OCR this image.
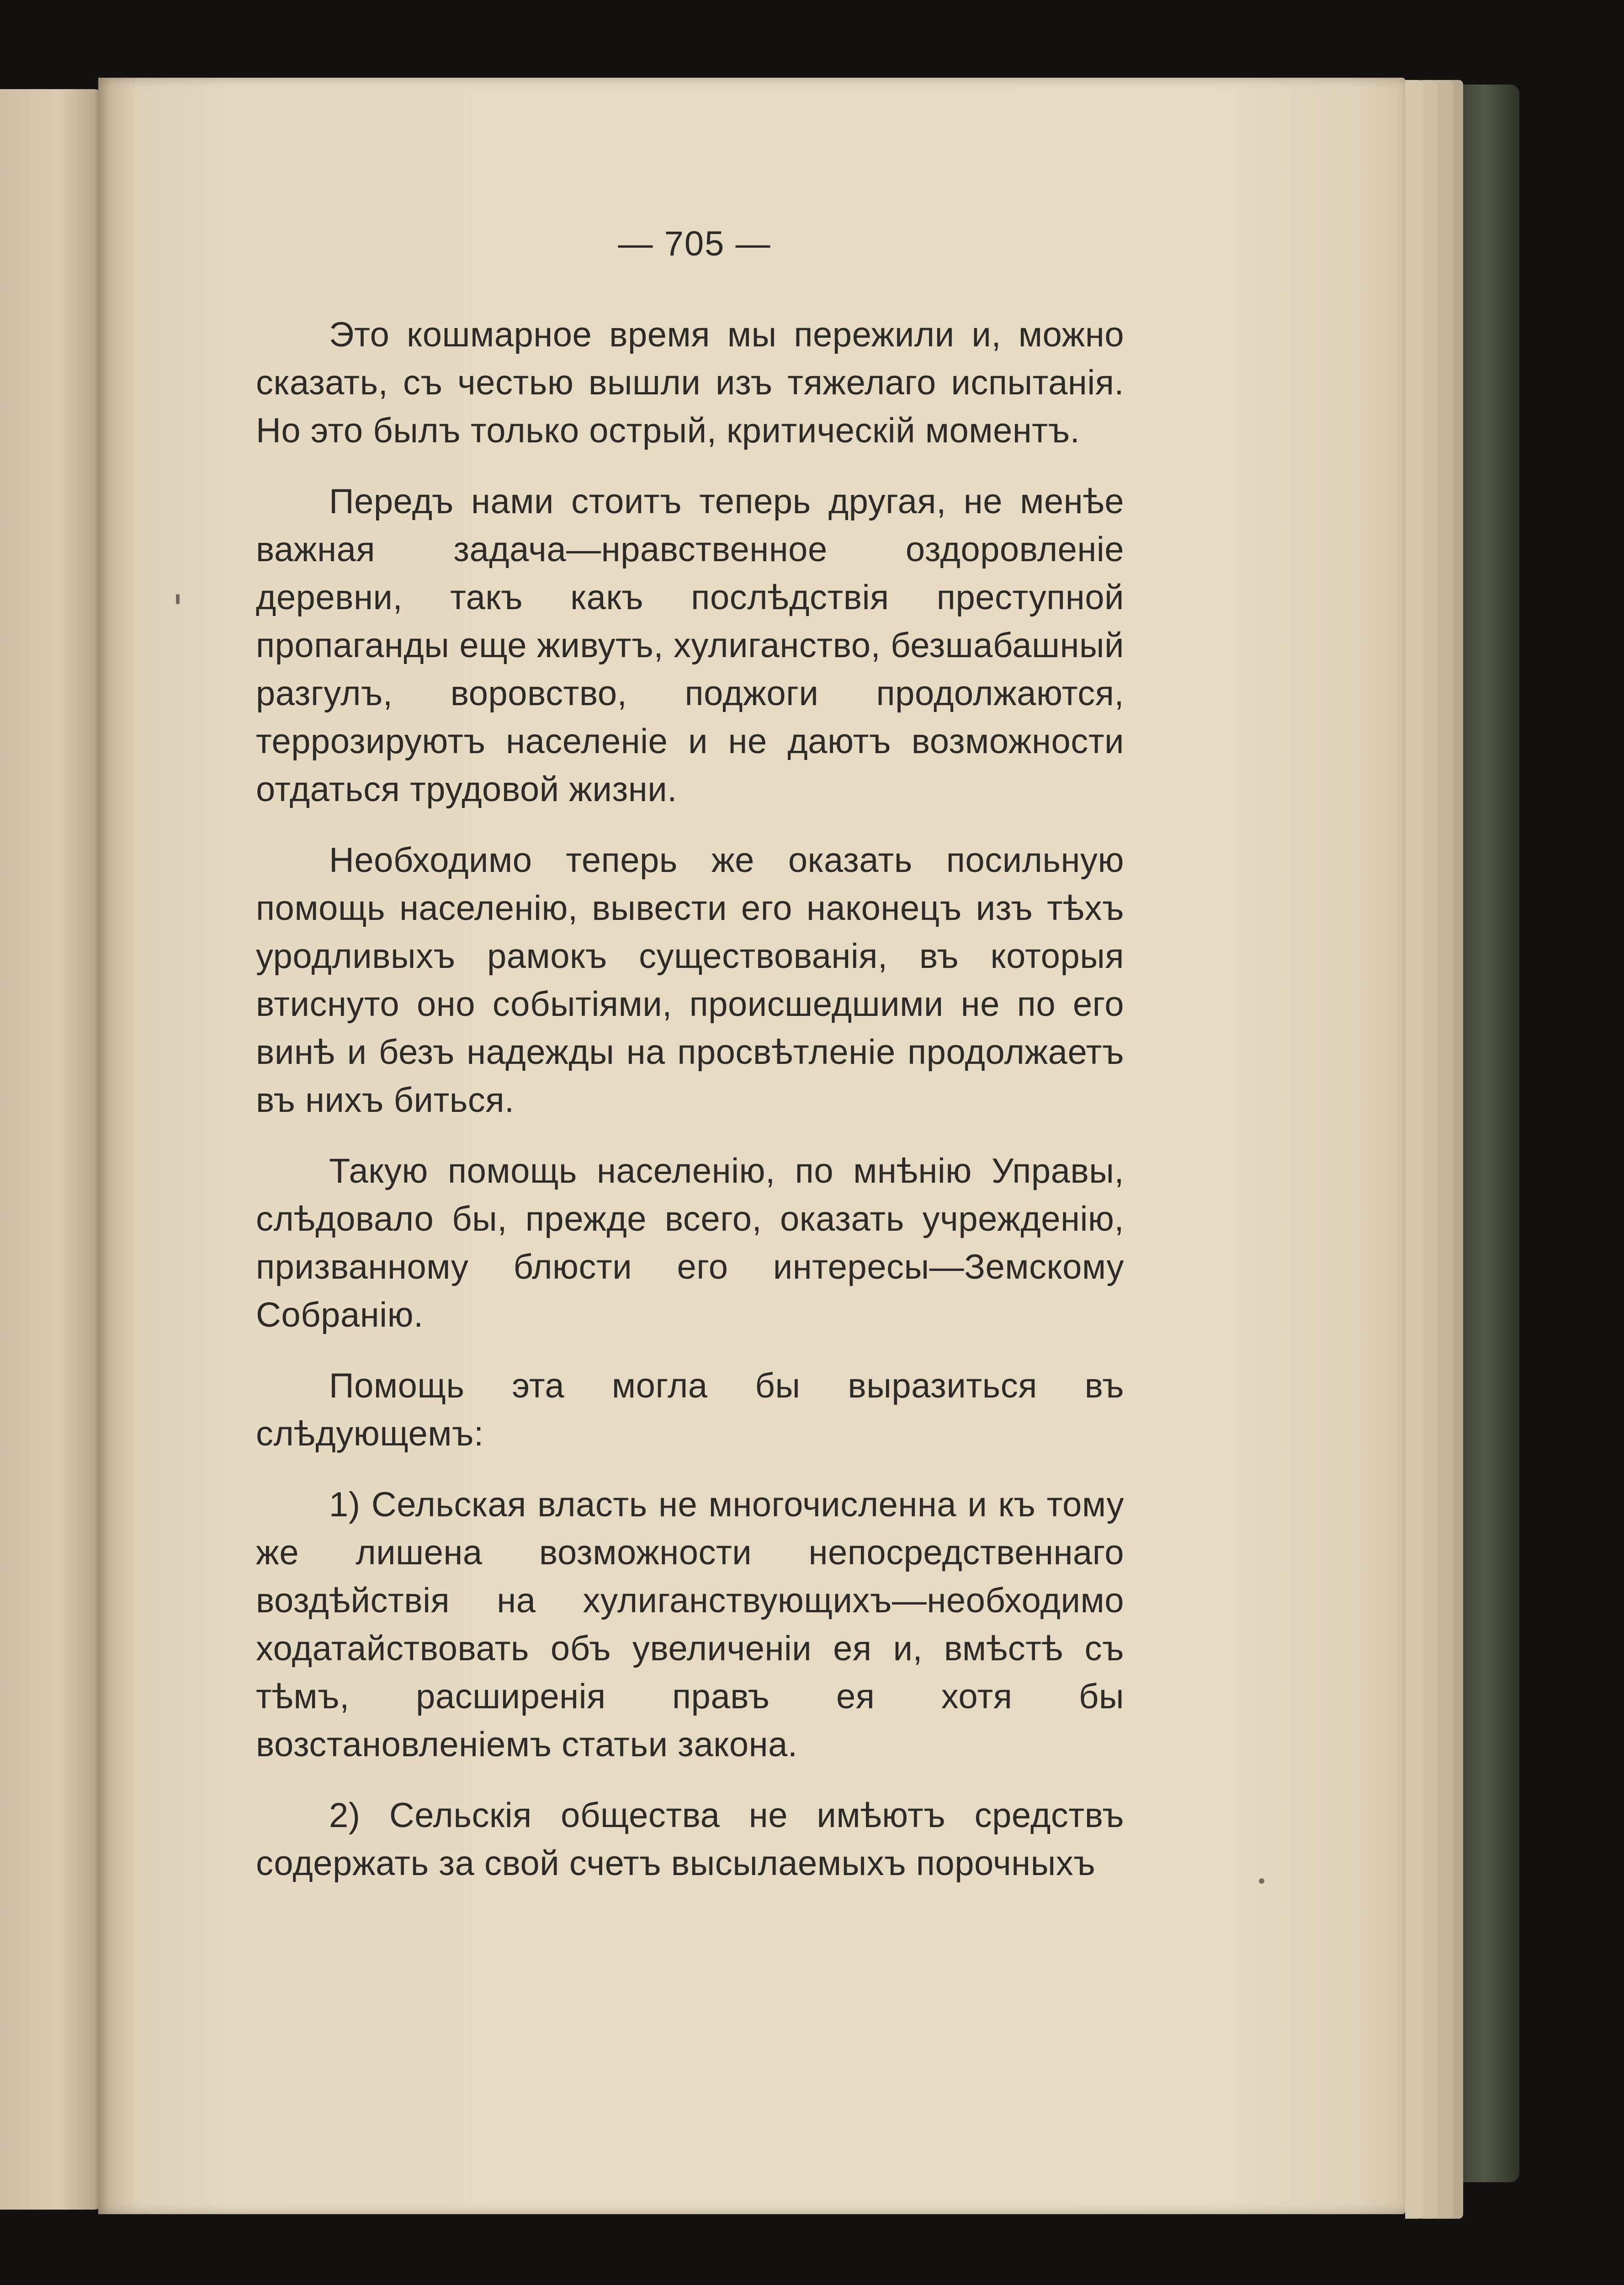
— 705 —

Это кошмарное время мы пережили и, можно сказать, съ честью вышли изъ тяжелаго испытанія. Но это былъ только острый, критическій моментъ.

Передъ нами стоитъ теперь другая, не менѣе важная задача—нравственное оздоровленіе деревни, такъ какъ послѣдствія преступной пропаганды еще живутъ, хулиганство, безшабашный разгулъ, воровство, поджоги продолжаются, террозируютъ населеніе и не даютъ возможности отдаться трудовой жизни.

Необходимо теперь же оказать посильную помощь населенію, вывести его наконецъ изъ тѣхъ уродливыхъ рамокъ существованія, въ которыя втиснуто оно событіями, происшедшими не по его винѣ и безъ надежды на просвѣтленіе продолжаетъ въ нихъ биться.

Такую помощь населенію, по мнѣнію Управы, слѣдовало бы, прежде всего, оказать учрежденію, призванному блюсти его интересы—Земскому Собранію.

Помощь эта могла бы выразиться въ слѣдующемъ:

1) Сельская власть не многочисленна и къ тому же лишена возможности непосредственнаго воздѣйствія на хулиганствующихъ—необходимо ходатайствовать объ увеличеніи ея и, вмѣстѣ съ тѣмъ, расширенія правъ ея хотя бы возстановленіемъ статьи закона.

2) Сельскія общества не имѣютъ средствъ содержать за свой счетъ высылаемыхъ порочныхъ
